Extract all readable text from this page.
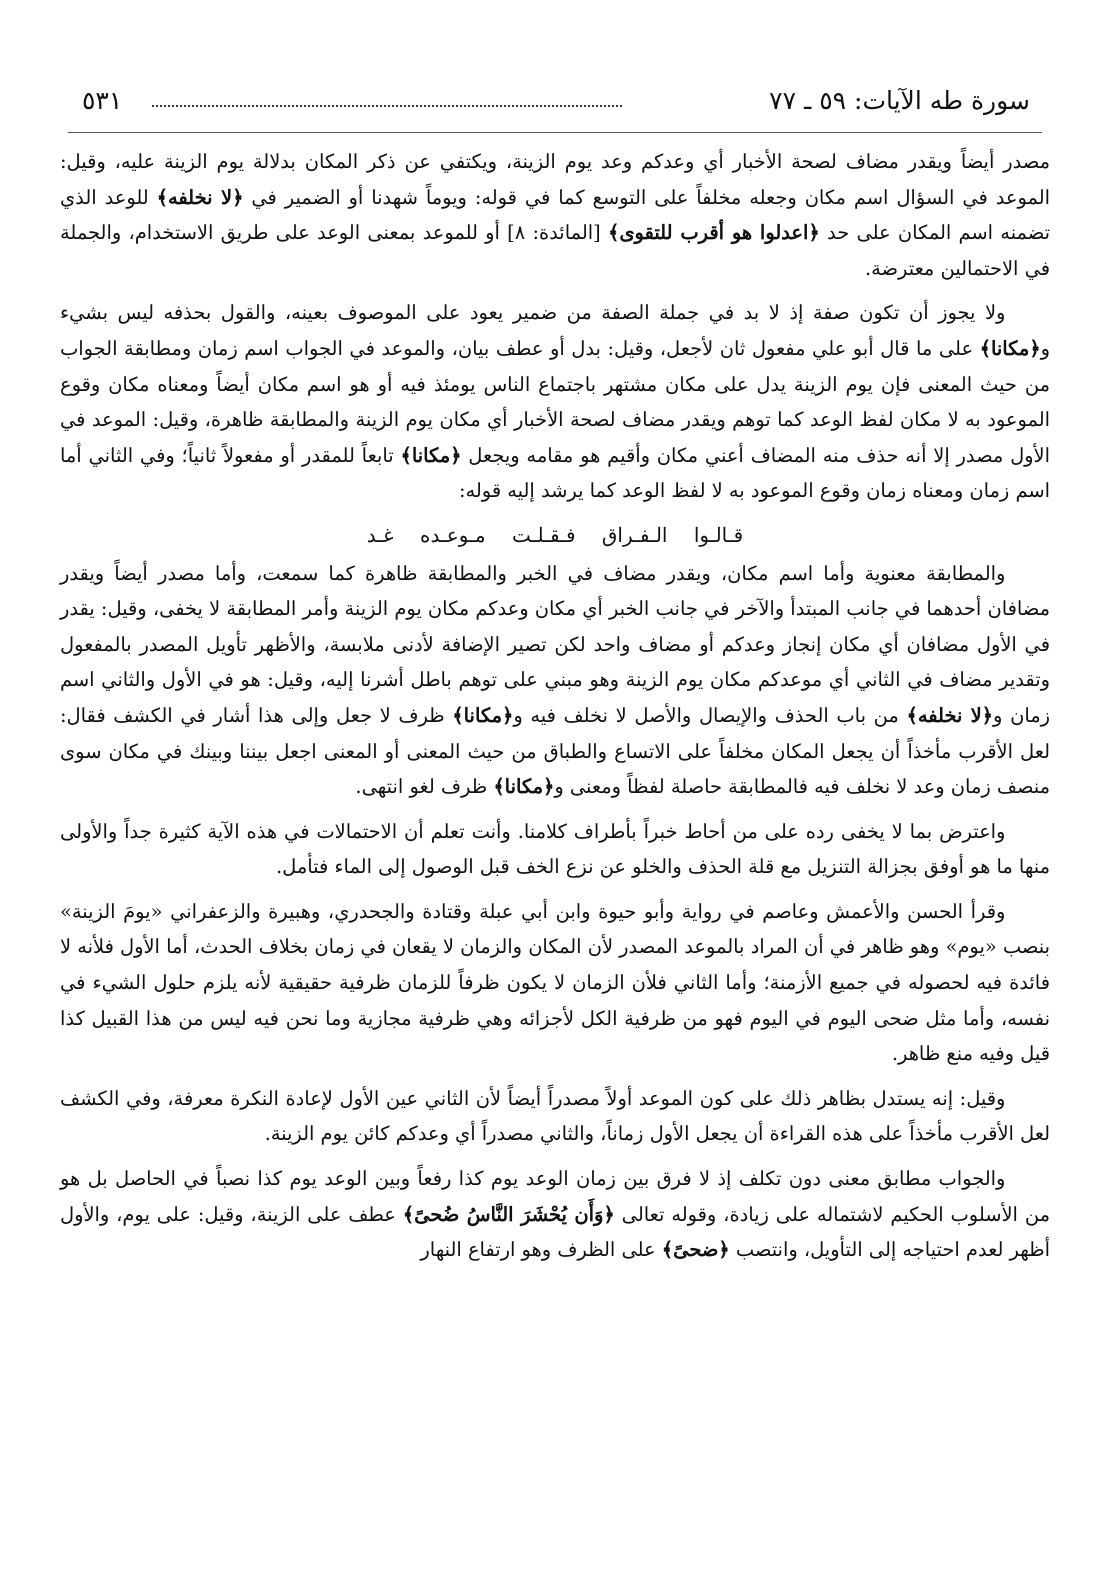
سورة طه الآيات: ٥٩ ـ ٧٧
٥٣١

مصدر أيضاً ويقدر مضاف لصحة الأخبار أي وعدكم وعد يوم الزينة، ويكتفي عن ذكر المكان بدلالة يوم الزينة عليه، وقيل: الموعد في السؤال اسم مكان وجعله مخلفاً على التوسع كما في قوله: ويوماً شهدنا أو الضمير في ﴿لا نخلفه﴾ للوعد الذي تضمنه اسم المكان على حد ﴿اعدلوا هو أقرب للتقوى﴾ [المائدة: ٨] أو للموعد بمعنى الوعد على طريق الاستخدام، والجملة في الاحتمالين معترضة.

ولا يجوز أن تكون صفة إذ لا بد في جملة الصفة من ضمير يعود على الموصوف بعينه، والقول بحذفه ليس بشيء و﴿مكانا﴾ على ما قال أبو علي مفعول ثان لأجعل، وقيل: بدل أو عطف بيان، والموعد في الجواب اسم زمان ومطابقة الجواب من حيث المعنى فإن يوم الزينة يدل على مكان مشتهر باجتماع الناس يومئذ فيه أو هو اسم مكان أيضاً ومعناه مكان وقوع الموعود به لا مكان لفظ الوعد كما توهم ويقدر مضاف لصحة الأخبار أي مكان يوم الزينة والمطابقة ظاهرة، وقيل: الموعد في الأول مصدر إلا أنه حذف منه المضاف أعني مكان وأقيم هو مقامه ويجعل ﴿مكانا﴾ تابعاً للمقدر أو مفعولاً ثانياً؛ وفي الثاني أما اسم زمان ومعناه زمان وقوع الموعود به لا لفظ الوعد كما يرشد إليه قوله:

قـالـوا الـفـراق فـقـلـت مـوعـده غـد

والمطابقة معنوية وأما اسم مكان، ويقدر مضاف في الخبر والمطابقة ظاهرة كما سمعت، وأما مصدر أيضاً ويقدر مضافان أحدهما في جانب المبتدأ والآخر في جانب الخبر أي مكان وعدكم مكان يوم الزينة وأمر المطابقة لا يخفى، وقيل: يقدر في الأول مضافان أي مكان إنجاز وعدكم أو مضاف واحد لكن تصير الإضافة لأدنى ملابسة، والأظهر تأويل المصدر بالمفعول وتقدير مضاف في الثاني أي موعدكم مكان يوم الزينة وهو مبني على توهم باطل أشرنا إليه، وقيل: هو في الأول والثاني اسم زمان و﴿لا نخلفه﴾ من باب الحذف والإيصال والأصل لا نخلف فيه و﴿مكانا﴾ ظرف لا جعل وإلى هذا أشار في الكشف فقال: لعل الأقرب مأخذاً أن يجعل المكان مخلفاً على الاتساع والطباق من حيث المعنى أو المعنى اجعل بيننا وبينك في مكان سوى منصف زمان وعد لا نخلف فيه فالمطابقة حاصلة لفظاً ومعنى و﴿مكانا﴾ ظرف لغو انتهى.

واعترض بما لا يخفى رده على من أحاط خبراً بأطراف كلامنا. وأنت تعلم أن الاحتمالات في هذه الآية كثيرة جداً والأولى منها ما هو أوفق بجزالة التنزيل مع قلة الحذف والخلو عن نزع الخف قبل الوصول إلى الماء فتأمل.

وقرأ الحسن والأعمش وعاصم في رواية وأبو حيوة وابن أبي عبلة وقتادة والجحدري، وهبيرة والزعفراني «يومَ الزينة» بنصب «يوم» وهو ظاهر في أن المراد بالموعد المصدر لأن المكان والزمان لا يقعان في زمان بخلاف الحدث، أما الأول فلأنه لا فائدة فيه لحصوله في جميع الأزمنة؛ وأما الثاني فلأن الزمان لا يكون ظرفاً للزمان ظرفية حقيقية لأنه يلزم حلول الشيء في نفسه، وأما مثل ضحى اليوم في اليوم فهو من ظرفية الكل لأجزائه وهي ظرفية مجازية وما نحن فيه ليس من هذا القبيل كذا قيل وفيه منع ظاهر.

وقيل: إنه يستدل بظاهر ذلك على كون الموعد أولاً مصدراً أيضاً لأن الثاني عين الأول لإعادة النكرة معرفة، وفي الكشف لعل الأقرب مأخذاً على هذه القراءة أن يجعل الأول زماناً، والثاني مصدراً أي وعدكم كائن يوم الزينة.

والجواب مطابق معنى دون تكلف إذ لا فرق بين زمان الوعد يوم كذا رفعاً وبين الوعد يوم كذا نصباً في الحاصل بل هو من الأسلوب الحكيم لاشتماله على زيادة، وقوله تعالى ﴿وَأَن يُحْشَرَ النَّاسُ ضُحىً﴾ عطف على الزينة، وقيل: على يوم، والأول أظهر لعدم احتياجه إلى التأويل، وانتصب ﴿ضحىً﴾ على الظرف وهو ارتفاع النهار
